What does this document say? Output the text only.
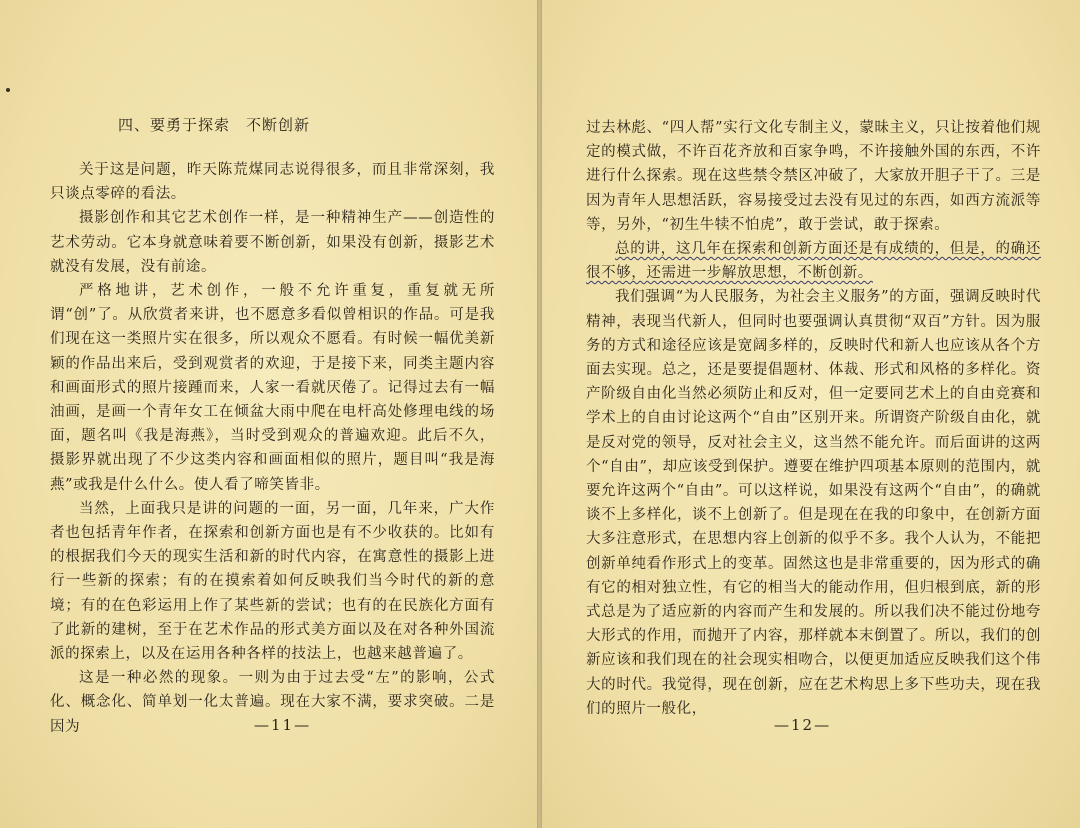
四、要勇于探索　不断创新

关于这是问题，昨天陈荒煤同志说得很多，而且非常深刻，我只谈点零碎的看法。

摄影创作和其它艺术创作一样，是一种精神生产——创造性的艺术劳动。它本身就意味着要不断创新，如果没有创新，摄影艺术就没有发展，没有前途。

严格地讲，艺术创作，一般不允许重复，重复就无所谓“创”了。从欣赏者来讲，也不愿意多看似曾相识的作品。可是我们现在这一类照片实在很多，所以观众不愿看。有时候一幅优美新颖的作品出来后，受到观赏者的欢迎，于是接下来，同类主题内容和画面形式的照片接踵而来，人家一看就厌倦了。记得过去有一幅油画，是画一个青年女工在倾盆大雨中爬在电杆高处修理电线的场面，题名叫《我是海燕》，当时受到观众的普遍欢迎。此后不久，摄影界就出现了不少这类内容和画面相似的照片，题目叫“我是海燕”或我是什么什么。使人看了啼笑皆非。

当然，上面我只是讲的问题的一面，另一面，几年来，广大作者也包括青年作者，在探索和创新方面也是有不少收获的。比如有的根据我们今天的现实生活和新的时代内容，在寓意性的摄影上进行一些新的探索；有的在摸索着如何反映我们当今时代的新的意境；有的在色彩运用上作了某些新的尝试；也有的在民族化方面有了此新的建树，至于在艺术作品的形式美方面以及在对各种外国流派的探索上，以及在运用各种各样的技法上，也越来越普遍了。

这是一种必然的现象。一则为由于过去受“左”的影响，公式化、概念化、简单划一化太普遍。现在大家不满，要求突破。二是因为	—11—

过去林彪、“四人帮”实行文化专制主义，蒙昧主义，只让按着他们规定的模式做，不许百花齐放和百家争鸣，不许接触外国的东西，不许进行什么探索。现在这些禁令禁区冲破了，大家放开胆子干了。三是因为青年人思想活跃，容易接受过去没有见过的东西，如西方流派等等，另外，“初生牛犊不怕虎”，敢于尝试，敢于探索。

总的讲，这几年在探索和创新方面还是有成绩的，但是，的确还很不够，还需进一步解放思想，不断创新。

我们强调“为人民服务，为社会主义服务”的方面，强调反映时代精神，表现当代新人，但同时也要强调认真贯彻“双百”方针。因为服务的方式和途径应该是宽阔多样的，反映时代和新人也应该从各个方面去实现。总之，还是要提倡题材、体裁、形式和风格的多样化。资产阶级自由化当然必须防止和反对，但一定要同艺术上的自由竞赛和学术上的自由讨论这两个“自由”区别开来。所谓资产阶级自由化，就是反对党的领导，反对社会主义，这当然不能允许。而后面讲的这两个“自由”，却应该受到保护。遵要在维护四项基本原则的范围内，就要允许这两个“自由”。可以这样说，如果没有这两个“自由”，的确就谈不上多样化，谈不上创新了。但是现在在我的印象中，在创新方面大多注意形式，在思想内容上创新的似乎不多。我个人认为，不能把创新单纯看作形式上的变革。固然这也是非常重要的，因为形式的确有它的相对独立性，有它的相当大的能动作用，但归根到底，新的形式总是为了适应新的内容而产生和发展的。所以我们决不能过份地夸大形式的作用，而抛开了内容，那样就本末倒置了。所以，我们的创新应该和我们现在的社会现实相吻合，以便更加适应反映我们这个伟大的时代。我觉得，现在创新，应在艺术构思上多下些功夫，现在我们的照片一般化，

—12—
